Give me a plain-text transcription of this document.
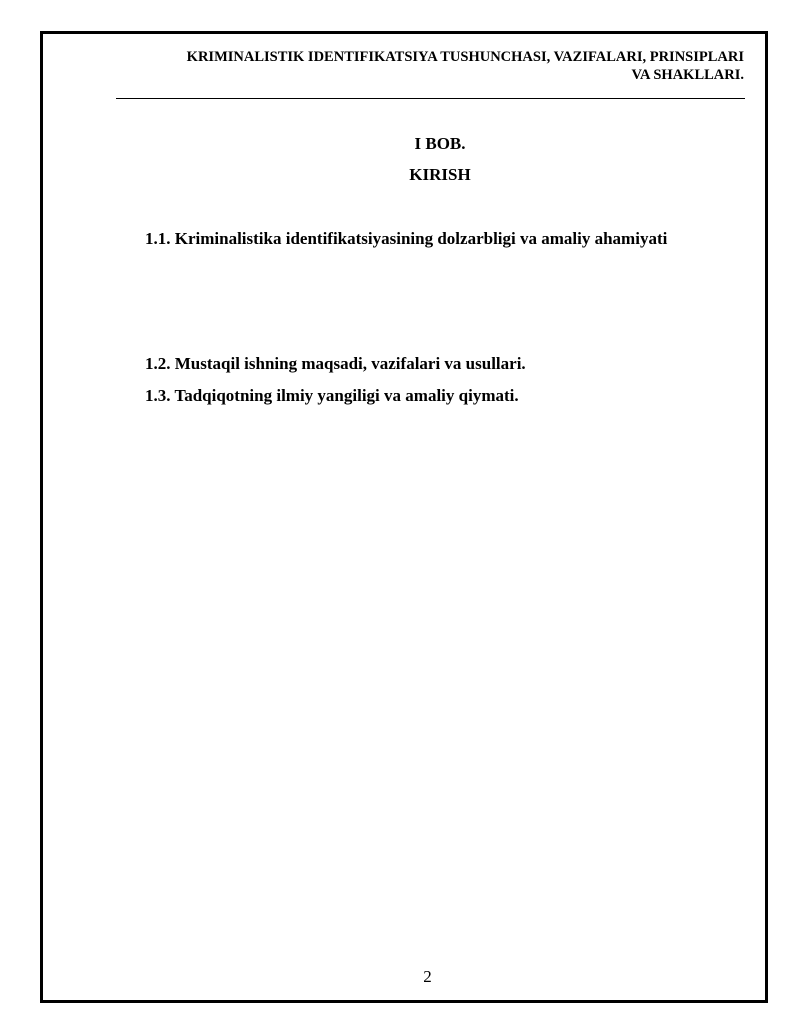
KRIMINALISTIK IDENTIFIKATSIYA TUSHUNCHASI, VAZIFALARI, PRINSIPLARI
VA SHAKLLARI.
I BOB.
KIRISH
1.1. Kriminalistika identifikatsiyasining dolzarbligi va amaliy ahamiyati
1.2. Mustaqil ishning maqsadi, vazifalari va usullari.
1.3. Tadqiqotning ilmiy yangiligi va amaliy qiymati.
2
